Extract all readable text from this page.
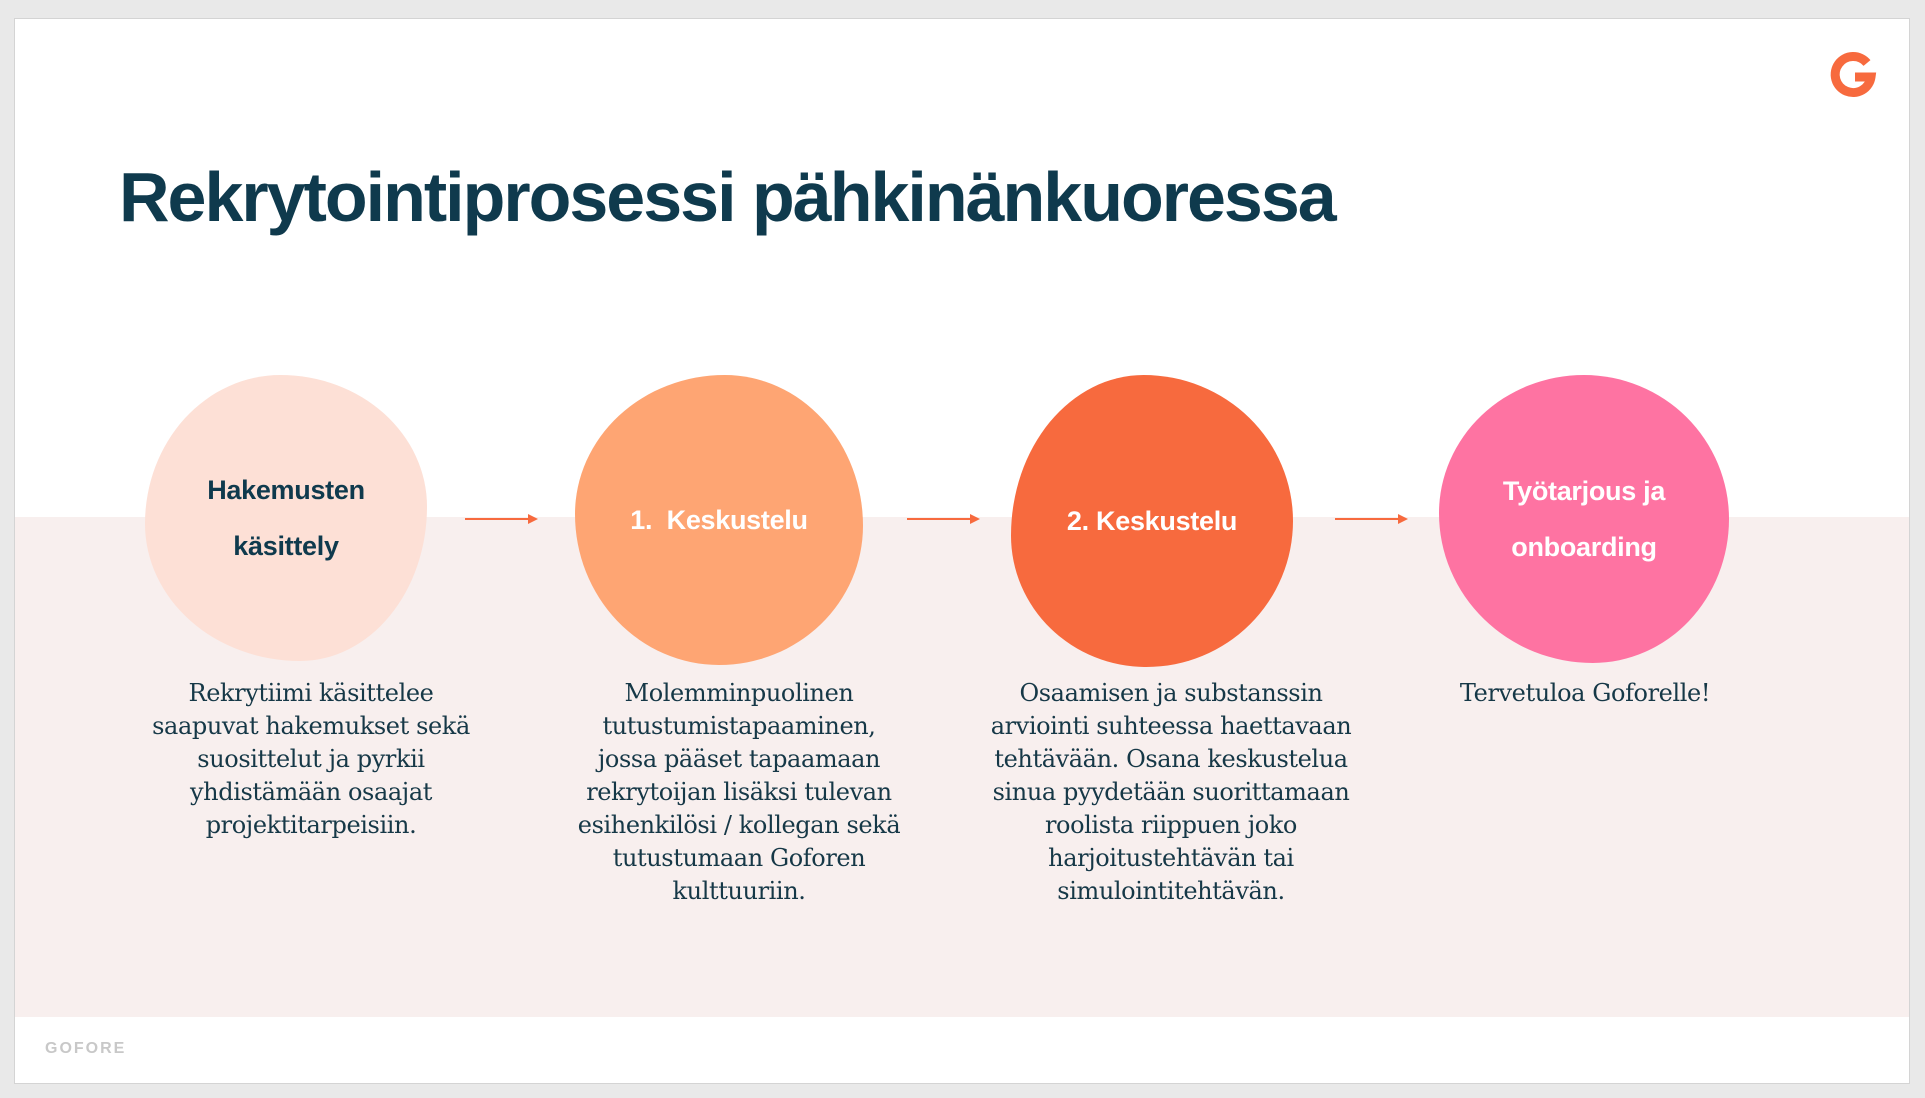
Rekrytointiprosessi pähkinänkuoressa
Hakemusten
käsittely
1.  Keskustelu	2. Keskustelu
Työtarjous ja
onboarding

Rekrytiimi käsittelee
saapuvat hakemukset sekä
suosittelut ja pyrkii
yhdistämään osaajat
projektitarpeisiin.

Molemminpuolinen
tutustumistapaaminen,
jossa pääset tapaamaan
rekrytoijan lisäksi tulevan
esihenkilösi / kollegan sekä
tutustumaan Goforen
kulttuuriin.

Osaamisen ja substanssin
arviointi suhteessa haettavaan
tehtävään. Osana keskustelua
sinua pyydetään suorittamaan
roolista riippuen joko
harjoitustehtävän tai
simulointitehtävän.

Tervetuloa Goforelle!

GOFORE
